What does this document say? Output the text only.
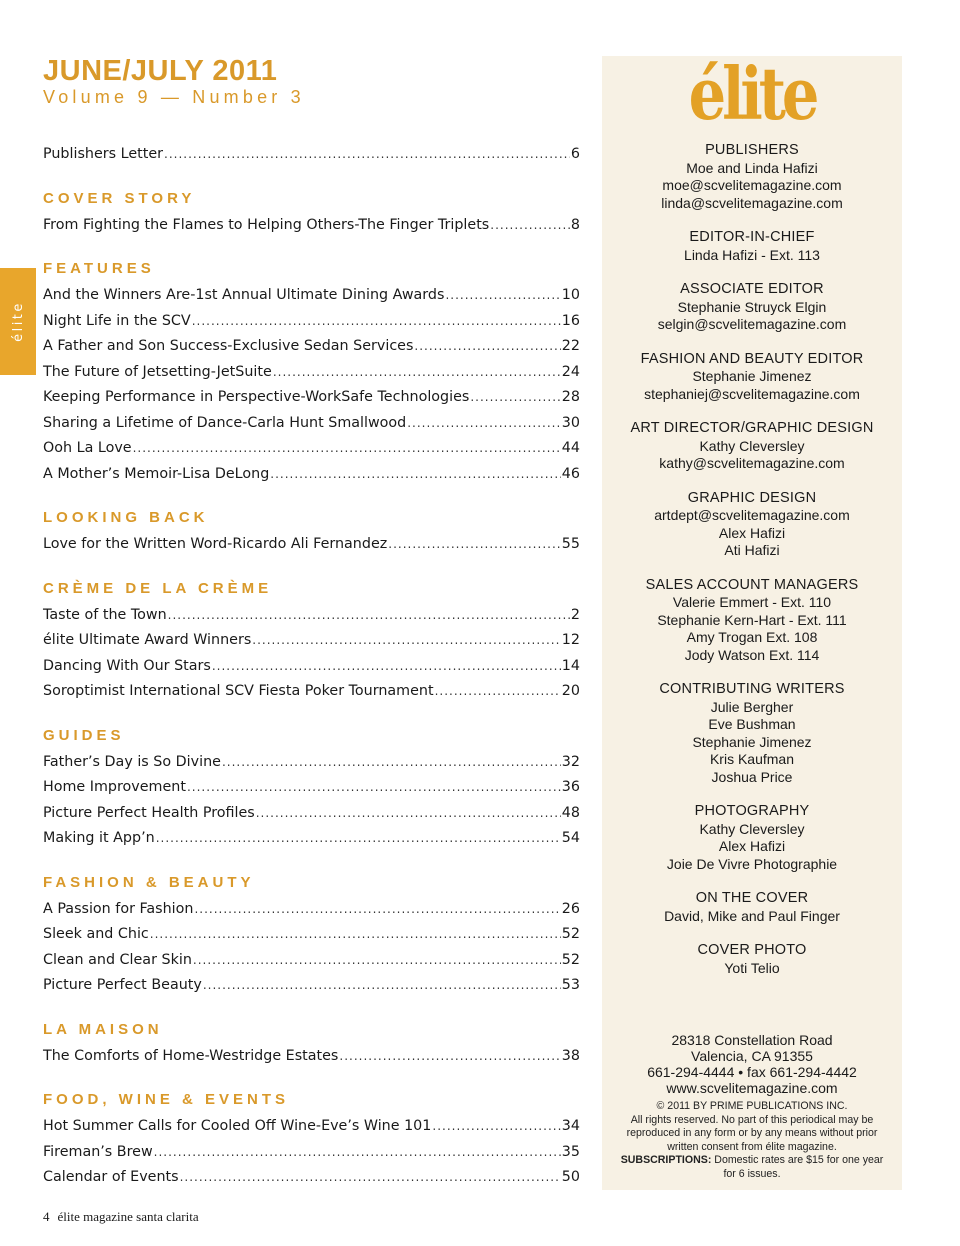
JUNE/JULY 2011
Volume 9 — Number 3
élite
Publishers Letter .....	6
COVER STORY
From Fighting the Flames to Helping Others-The Finger Triplets .....	8
FEATURES
And the Winners Are-1st Annual Ultimate Dining Awards .....	10
Night Life in the SCV .....	16
A Father and Son Success-Exclusive Sedan Services .....	22
The Future of Jetsetting-JetSuite .....	24
Keeping Performance in Perspective-WorkSafe Technologies .....	28
Sharing a Lifetime of Dance-Carla Hunt Smallwood .....	30
Ooh La Love .....	44
A Mother’s Memoir-Lisa DeLong .....	46
LOOKING BACK
Love for the Written Word-Ricardo Ali Fernandez .....	55
CRÈME DE LA CRÈME
Taste of the Town .....	2
élite Ultimate Award Winners .....	12
Dancing With Our Stars .....	14
Soroptimist International SCV Fiesta Poker Tournament .....	20
GUIDES
Father’s Day is So Divine .....	32
Home Improvement .....	36
Picture Perfect Health Profiles .....	48
Making it App’n .....	54
FASHION & BEAUTY
A Passion for Fashion .....	26
Sleek and Chic .....	52
Clean and Clear Skin .....	52
Picture Perfect Beauty .....	53
LA MAISON
The Comforts of Home-Westridge Estates .....	38
FOOD, WINE & EVENTS
Hot Summer Calls for Cooled Off Wine-Eve’s Wine 101 .....	34
Fireman’s Brew .....	35
Calendar of Events .....	50
élite
PUBLISHERS
Moe and Linda Hafizi
moe@scvelitemagazine.com
linda@scvelitemagazine.com
EDITOR-IN-CHIEF
Linda Hafizi - Ext. 113
ASSOCIATE EDITOR
Stephanie Struyck Elgin
selgin@scvelitemagazine.com
FASHION AND BEAUTY EDITOR
Stephanie Jimenez
stephaniej@scvelitemagazine.com
ART DIRECTOR/GRAPHIC DESIGN
Kathy Cleversley
kathy@scvelitemagazine.com
GRAPHIC DESIGN
artdept@scvelitemagazine.com
Alex Hafizi
Ati Hafizi
SALES ACCOUNT MANAGERS
Valerie Emmert - Ext. 110
Stephanie Kern-Hart - Ext. 111
Amy Trogan Ext. 108
Jody Watson Ext. 114
CONTRIBUTING WRITERS
Julie Bergher
Eve Bushman
Stephanie Jimenez
Kris Kaufman
Joshua Price
PHOTOGRAPHY
Kathy Cleversley
Alex Hafizi
Joie De Vivre Photographie
ON THE COVER
David, Mike and Paul Finger
COVER PHOTO
Yoti Telio
28318 Constellation Road
Valencia, CA 91355
661-294-4444 • fax 661-294-4442
www.scvelitemagazine.com
© 2011 BY PRIME PUBLICATIONS INC.
All rights reserved. No part of this periodical may be reproduced in any form or by any means without prior written consent from élite magazine.
SUBSCRIPTIONS: Domestic rates are $15 for one year for 6 issues.
4 élite magazine santa clarita
